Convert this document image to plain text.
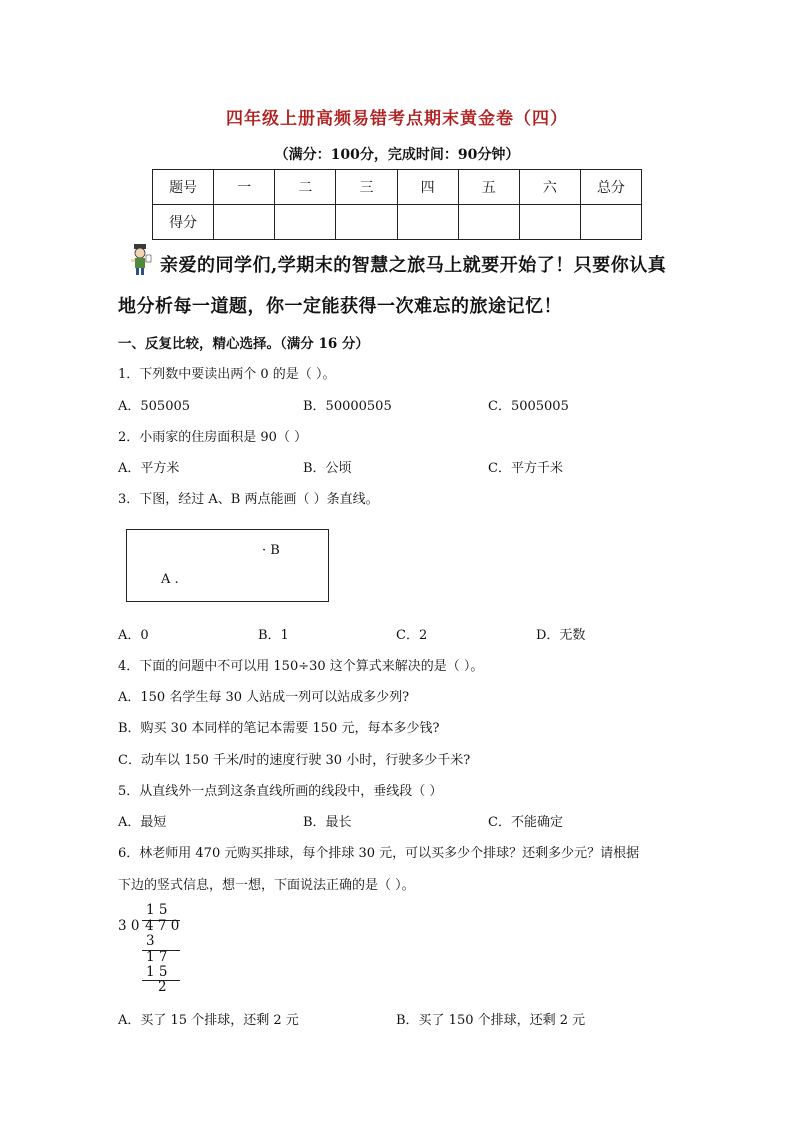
四年级上册高频易错考点期末黄金卷（四）
（满分：100分，完成时间：90分钟）
题号	一	二	三	四	五	六	总分
得分							
亲爱的同学们,学期末的智慧之旅马上就要开始了！只要你认真
地分析每一道题，你一定能获得一次难忘的旅途记忆！
一、反复比较，精心选择。（满分 16 分）
1．下列数中要读出两个 0 的是（ ）。
A．505005	B．50000505	C．5005005
2．小雨家的住房面积是 90（ ）
A．平方米	B．公顷	C．平方千米
3．下图，经过 A、B 两点能画（ ）条直线。
· B
A .
A．0	B．1	C．2	D．无数
4．下面的问题中不可以用 150÷30 这个算式来解决的是（ ）。
A．150 名学生每 30 人站成一列可以站成多少列?
B．购买 30 本同样的笔记本需要 150 元，每本多少钱?
C．动车以 150 千米/时的速度行驶 30 小时，行驶多少千米?
5．从直线外一点到这条直线所画的线段中，垂线段（ ）
A．最短	B．最长	C．不能确定
6．林老师用 470 元购买排球，每个排球 30 元，可以买多少个排球？还剩多少元？请根据
下边的竖式信息，想一想，下面说法正确的是（ ）。
1 5
3 0 4 7 0
3
1 7
1 5
2
A．买了 15 个排球，还剩 2 元	B．买了 150 个排球，还剩 2 元
